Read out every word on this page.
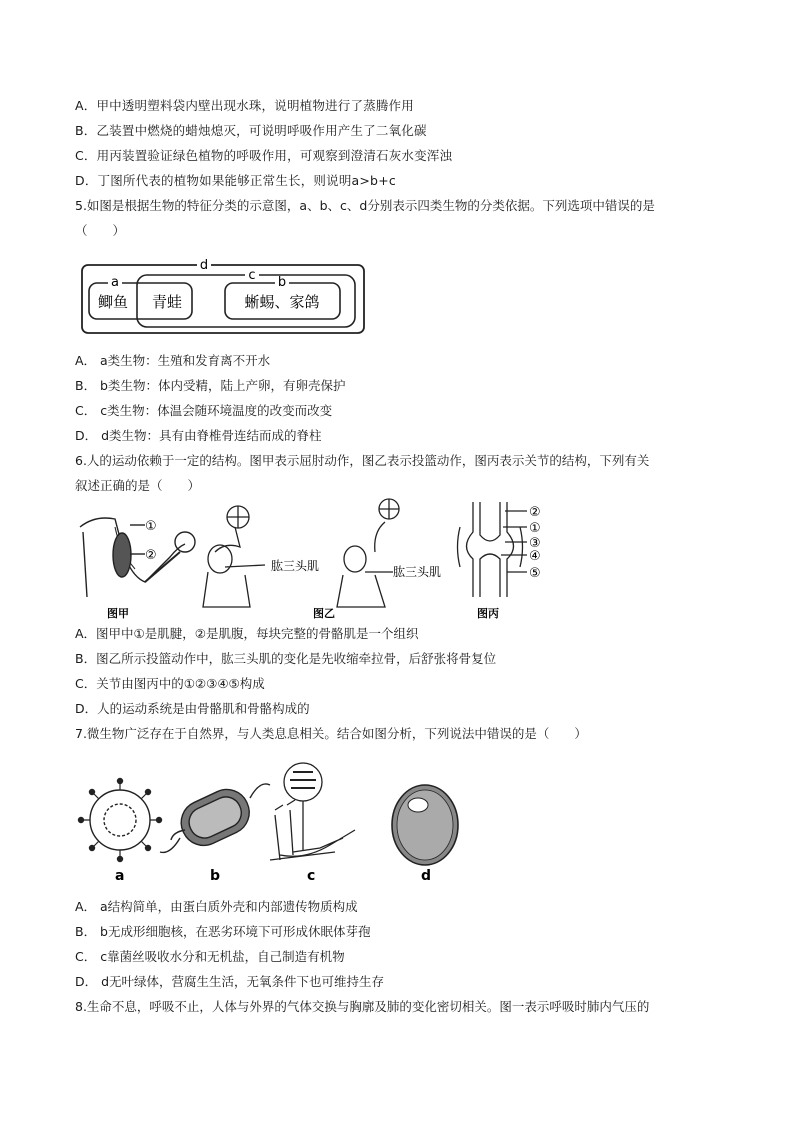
A．甲中透明塑料袋内壁出现水珠，说明植物进行了蒸腾作用
B．乙装置中燃烧的蜡烛熄灭，可说明呼吸作用产生了二氧化碳
C．用丙装置验证绿色植物的呼吸作用，可观察到澄清石灰水变浑浊
D．丁图所代表的植物如果能够正常生长，则说明a>b+c
5.如图是根据生物的特征分类的示意图，a、b、c、d分别表示四类生物的分类依据。下列选项中错误的是
（　　）
d
c
a	b
鲫鱼 青蛙	蜥蜴、家鸽
A． a类生物：生殖和发育离不开水
B． b类生物：体内受精，陆上产卵，有卵壳保护
C． c类生物：体温会随环境温度的改变而改变
D． d类生物：具有由脊椎骨连结而成的脊柱
6.人的运动依赖于一定的结构。图甲表示屈肘动作，图乙表示投篮动作，图丙表示关节的结构，下列有关
叙述正确的是（　　）
①
②
图甲
肱三头肌
图乙
肱三头肌
②
①
③
④
⑤
图丙
A．图甲中①是肌腱，②是肌腹，每块完整的骨骼肌是一个组织
B．图乙所示投篮动作中，肱三头肌的变化是先收缩牵拉骨，后舒张将骨复位
C．关节由图丙中的①②③④⑤构成
D．人的运动系统是由骨骼肌和骨骼构成的
7.微生物广泛存在于自然界，与人类息息相关。结合如图分析，下列说法中错误的是（　　）
a	b	c	d
A． a结构简单，由蛋白质外壳和内部遗传物质构成
B． b无成形细胞核，在恶劣环境下可形成休眠体芽孢
C． c靠菌丝吸收水分和无机盐，自己制造有机物
D． d无叶绿体，营腐生生活，无氧条件下也可维持生存
8.生命不息，呼吸不止，人体与外界的气体交换与胸廓及肺的变化密切相关。图一表示呼吸时肺内气压的
